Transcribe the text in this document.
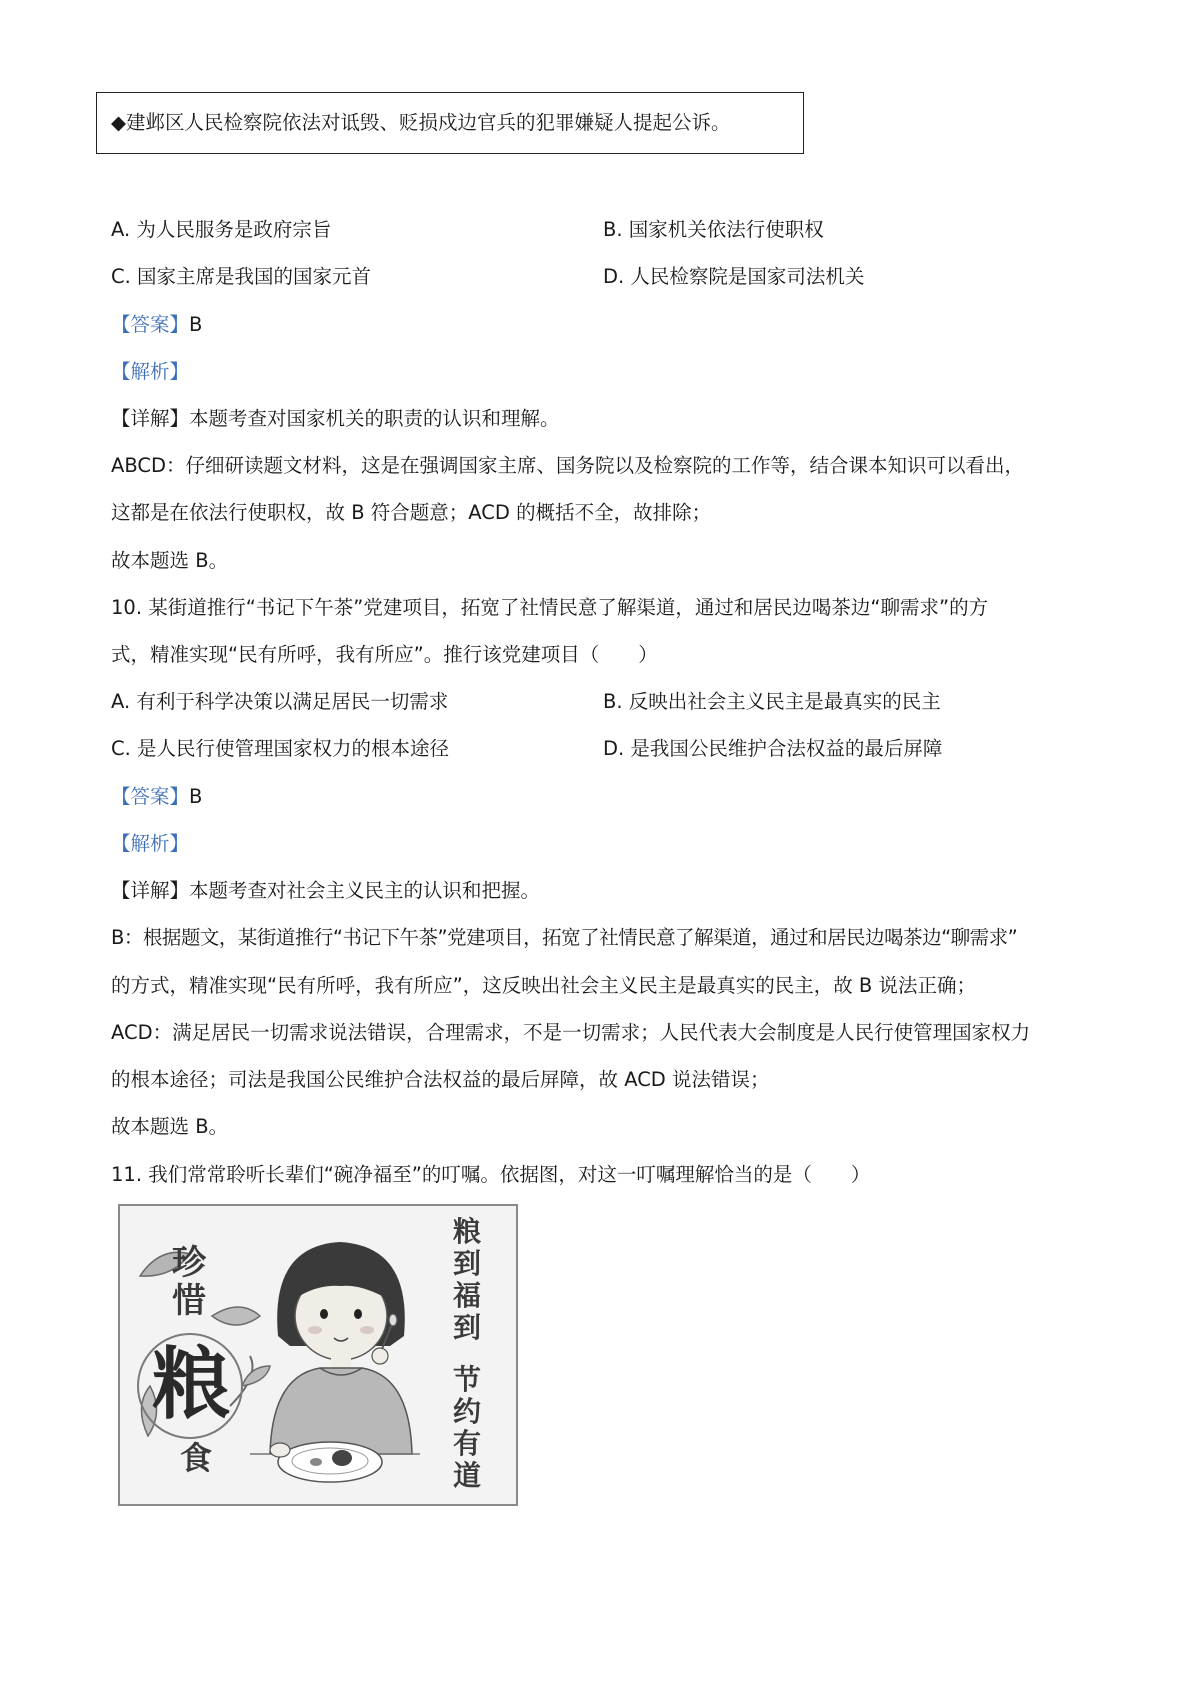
◆建邺区人民检察院依法对诋毁、贬损戍边官兵的犯罪嫌疑人提起公诉。
A. 为人民服务是政府宗旨	B. 国家机关依法行使职权
C. 国家主席是我国的国家元首	D. 人民检察院是国家司法机关
【答案】B
【解析】
【详解】本题考查对国家机关的职责的认识和理解。
ABCD：仔细研读题文材料，这是在强调国家主席、国务院以及检察院的工作等，结合课本知识可以看出，
这都是在依法行使职权，故 B 符合题意；ACD 的概括不全，故排除；
故本题选 B。
10. 某街道推行“书记下午茶”党建项目，拓宽了社情民意了解渠道，通过和居民边喝茶边“聊需求”的方
式，精准实现“民有所呼，我有所应”。推行该党建项目（　　）
A. 有利于科学决策以满足居民一切需求	B. 反映出社会主义民主是最真实的民主
C. 是人民行使管理国家权力的根本途径	D. 是我国公民维护合法权益的最后屏障
【答案】B
【解析】
【详解】本题考查对社会主义民主的认识和把握。
B：根据题文，某街道推行“书记下午茶”党建项目，拓宽了社情民意了解渠道，通过和居民边喝茶边“聊需求”
的方式，精准实现“民有所呼，我有所应”，这反映出社会主义民主是最真实的民主，故 B 说法正确；
ACD：满足居民一切需求说法错误，合理需求，不是一切需求；人民代表大会制度是人民行使管理国家权力
的根本途径；司法是我国公民维护合法权益的最后屏障，故 ACD 说法错误；
故本题选 B。
11. 我们常常聆听长辈们“碗净福至”的叮嘱。依据图，对这一叮嘱理解恰当的是（　　）
珍
惜
粮
食
粮
到
福
到
节
约
有
道
